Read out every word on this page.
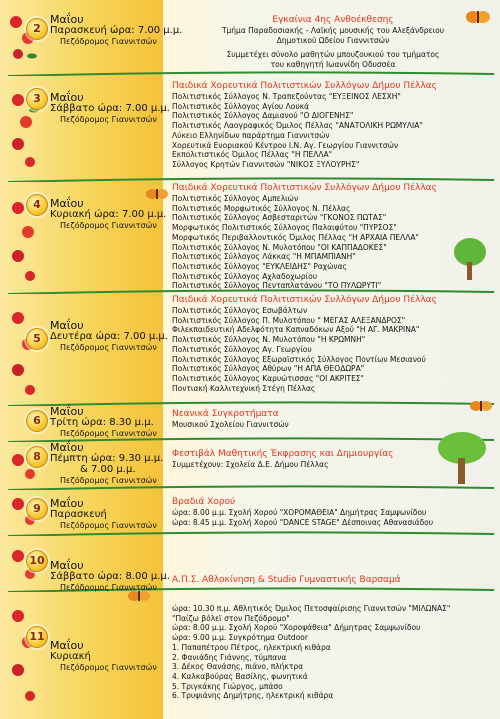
2
Μαΐου
Παρασκευή ώρα: 7.00 μ.μ.
Πεζόδρομος Γιαννιτσών
Εγκαίνια 4ης Ανθοέκθεσης
Τμήμα Παραδοσιακής - Λαϊκής μουσικής του Αλεξάνδρειου
Δημοτικού Ωδείου Γιαννιτσών
Συμμετέχει σύνολο μαθητών μπουζουκιού του τμήματος
του καθηγητή Ιωαννίδη Οδυσσέα
3 Μαΐου
Σάββατο ώρα: 7.00 μ.μ.
Πεζόδρομος Γιαννιτσών
Παιδικά Χορευτικά Πολιτιστικών Συλλόγων Δήμου Πέλλας
Πολιτιστικός Σύλλογος Ν. Τραπεζούντας "ΕΥΞΕΙΝΟΣ ΛΕΣΧΗ"
Πολιτιστικός Σύλλογος Αγίου Λουκά
Πολιτιστικός Σύλλογος Δαμιανού "Ο ΔΙΟΓΕΝΗΣ"
Πολιτιστικός Λαογραφικός Όμιλος Πέλλας "ΑΝΑΤΟΛΙΚΗ ΡΩΜΥΛΙΑ"
Λύκειο Ελληνίδων παράρτημα Γιαννιτσών
Χορευτικά Ενοριακού Κέντρου Ι.Ν. Αγ. Γεωργίου Γιαννιτσών
Εκπολιτιστικός Όμιλος Πέλλας "Η ΠΕΛΛΑ"
Σύλλογος Κρητών Γιαννιτσών "ΝΙΚΟΣ ΞΥΛΟΥΡΗΣ"
4 Μαΐου
Κυριακή ώρα: 7.00 μ.μ.
Πεζόδρομος Γιαννιτσών
Παιδικά Χορευτικά Πολιτιστικών Συλλόγων Δήμου Πέλλας
Πολιτιστικός Σύλλογος Αμπελιών
Πολιτιστικός Μορφωτικός Σύλλογος Ν. Πέλλας
Πολιτιστικός Σύλλογος Ασβεσταριτών "ΓΚΟΝΟΣ ΠΩΤΑΣ"
Μορφωτικός Πολιτιστικός Σύλλογος Παλαιφύτου "ΠΥΡΣΟΣ"
Μορφωτικός Περιβαλλοντικός Όμιλος Πέλλας "Η ΑΡΧΑΙΑ ΠΕΛΛΑ"
Πολιτιστικός Σύλλογος Ν. Μυλοτόπου "ΟΙ ΚΑΠΠΑΔΟΚΕΣ"
Πολιτιστικός Σύλλογος Λάκκας "Η ΜΠΑΜΠΙΑΝΗ"
Πολιτιστικός Σύλλογος "ΕΥΚΛΕΙΔΗΣ" Ραχώνας
Πολιτιστικός Σύλλογος Αχλαδοχωρίου
Πολιτιστικός Σύλλογος Πενταπλατάνου "ΤΟ ΠΥΛΩΡΥΤΙ"
5
Μαΐου
Δευτέρα ώρα: 7.00 μ.μ.
Πεζόδρομος Γιαννιτσών
Παιδικά Χορευτικά Πολιτιστικών Συλλόγων Δήμου Πέλλας
Πολιτιστικός Σύλλογος Εσωβάλτων
Πολιτιστικός Σύλλογος Π. Μυλοτόπου " ΜΕΓΑΣ ΑΛΕΞΑΝΔΡΟΣ"
Φιλεκπαιδευτική Αδελφότητα Καπναδόκων Αξού "Η ΑΓ. ΜΑΚΡΙΝΑ"
Πολιτιστικός Σύλλογος Ν. Μυλοτόπου "Η ΚΡΩΜΝΗ"
Πολιτιστικός Σύλλογος Αγ. Γεωργίου
Πολιτιστικός Σύλλογος Εξωραϊστικός Σύλλογος Ποντίων Μεσιανού
Πολιτιστικός Σύλλογος Αθύρων "Η ΑΠΑ ΘΕΟΔΩΡΑ"
Πολιτιστικός Σύλλογος Καρυώτισσας "ΟΙ ΑΚΡΙΤΕΣ"
Ποντιακή Καλλιτεχνική Στέγη Πέλλας
6
Μαΐου
Τρίτη ώρα: 8.30 μ.μ.
Πεζόδρομος Γιαννιτσών
Νεανικά Συγκροτήματα
Μουσικού Σχολείου Γιαννιτσών
8
Μαΐου
Πέμπτη ώρα: 9.30 μ.μ.
& 7.00 μ.μ.
Πεζόδρομος Γιαννιτσών
Φεστιβάλ Μαθητικής Έκφρασης και Δημιουργίας
Συμμετέχουν: Σχολεία Δ.Ε. Δήμου Πέλλας
9 Μαΐου
Παρασκευή
Πεζόδρομος Γιαννιτσών
Βραδιά Χορού
ώρα: 8.00 μ.μ. Σχολή Χορού "ΧΟΡΟΜΑΘΕΙΑ" Δημήτρας Σαμψωνίδου
ώρα: 8.45 μ.μ. Σχολή Χορού "DANCE STAGE" Δέσποινας Αθανασιάδου
10 Μαΐου
Σάββατο ώρα: 8.00 μ.μ.
Πεζόδρομος Γιαννιτσών
Α.Π.Σ. Αθλοκίνηση & Studio Γυμναστικής Βαρσαμά
11
Μαΐου
Κυριακή
Πεζόδρομος Γιαννιτσών
ώρα: 10.30 π.μ. Αθλητικός Όμιλος Πετοσφαίρισης Γιαννιτσών "ΜΙΛΩΝΑΣ"
"Παίζω βόλεϊ στον Πεζόδρομο"
ώρα: 8.00 μ.μ. Σχολή Χορού "Χοροψάθεια" Δήμητρας Σαμψωνίδου
ώρα: 9.00 μ.μ. Συγκρότημα Outdoor
1. Παπαπέτρου Πέτρος, ηλεκτρική κιθάρα
2. Φανιάδης Γιάννης, τύμπανα
3. Δέκος Θανάσης, πιάνο, πλήκτρα
4. Καλκαβούρας Βασίλης, φωνητικά
5. Τριγκάκης Γιώργος, μπάσο
6. Τρυψιάνης Δημήτρης, ηλεκτρική κιθάρα
